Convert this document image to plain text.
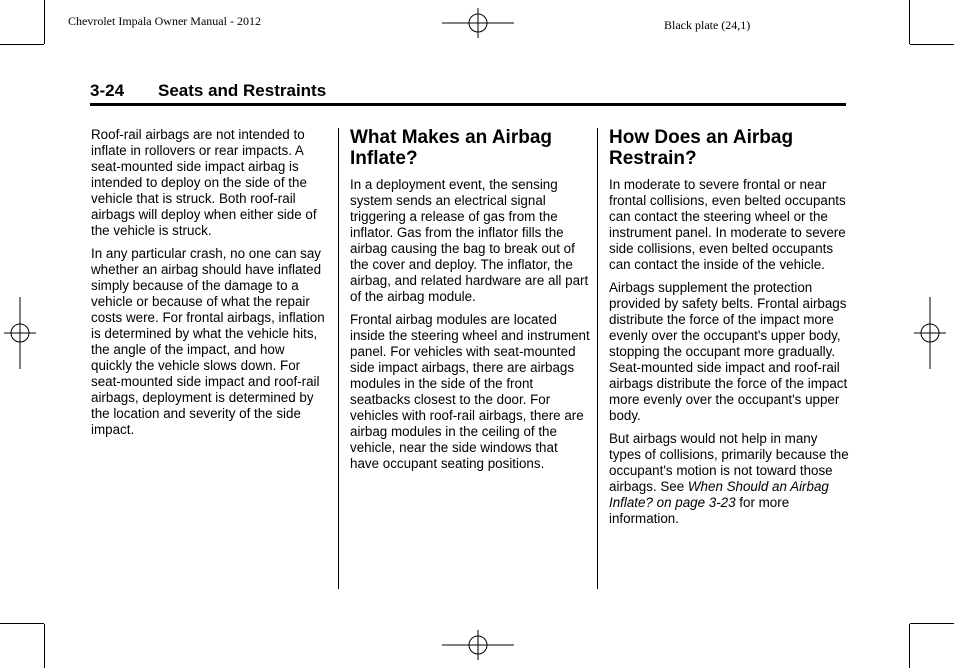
Chevrolet Impala Owner Manual - 2012	Black plate (24,1)
3-24 Seats and Restraints

Roof-rail airbags are not intended to inflate in rollovers or rear impacts. A seat-mounted side impact airbag is intended to deploy on the side of the vehicle that is struck. Both roof-rail airbags will deploy when either side of the vehicle is struck.

In any particular crash, no one can say whether an airbag should have inflated simply because of the damage to a vehicle or because of what the repair costs were. For frontal airbags, inflation is determined by what the vehicle hits, the angle of the impact, and how quickly the vehicle slows down. For seat-mounted side impact and roof-rail airbags, deployment is determined by the location and severity of the side impact.

What Makes an Airbag Inflate?

In a deployment event, the sensing system sends an electrical signal triggering a release of gas from the inflator. Gas from the inflator fills the airbag causing the bag to break out of the cover and deploy. The inflator, the airbag, and related hardware are all part of the airbag module.

Frontal airbag modules are located inside the steering wheel and instrument panel. For vehicles with seat-mounted side impact airbags, there are airbags modules in the side of the front seatbacks closest to the door. For vehicles with roof-rail airbags, there are airbag modules in the ceiling of the vehicle, near the side windows that have occupant seating positions.

How Does an Airbag Restrain?

In moderate to severe frontal or near frontal collisions, even belted occupants can contact the steering wheel or the instrument panel. In moderate to severe side collisions, even belted occupants can contact the inside of the vehicle.

Airbags supplement the protection provided by safety belts. Frontal airbags distribute the force of the impact more evenly over the occupant's upper body, stopping the occupant more gradually. Seat-mounted side impact and roof-rail airbags distribute the force of the impact more evenly over the occupant's upper body.

But airbags would not help in many types of collisions, primarily because the occupant's motion is not toward those airbags. See When Should an Airbag Inflate? on page 3-23 for more information.
